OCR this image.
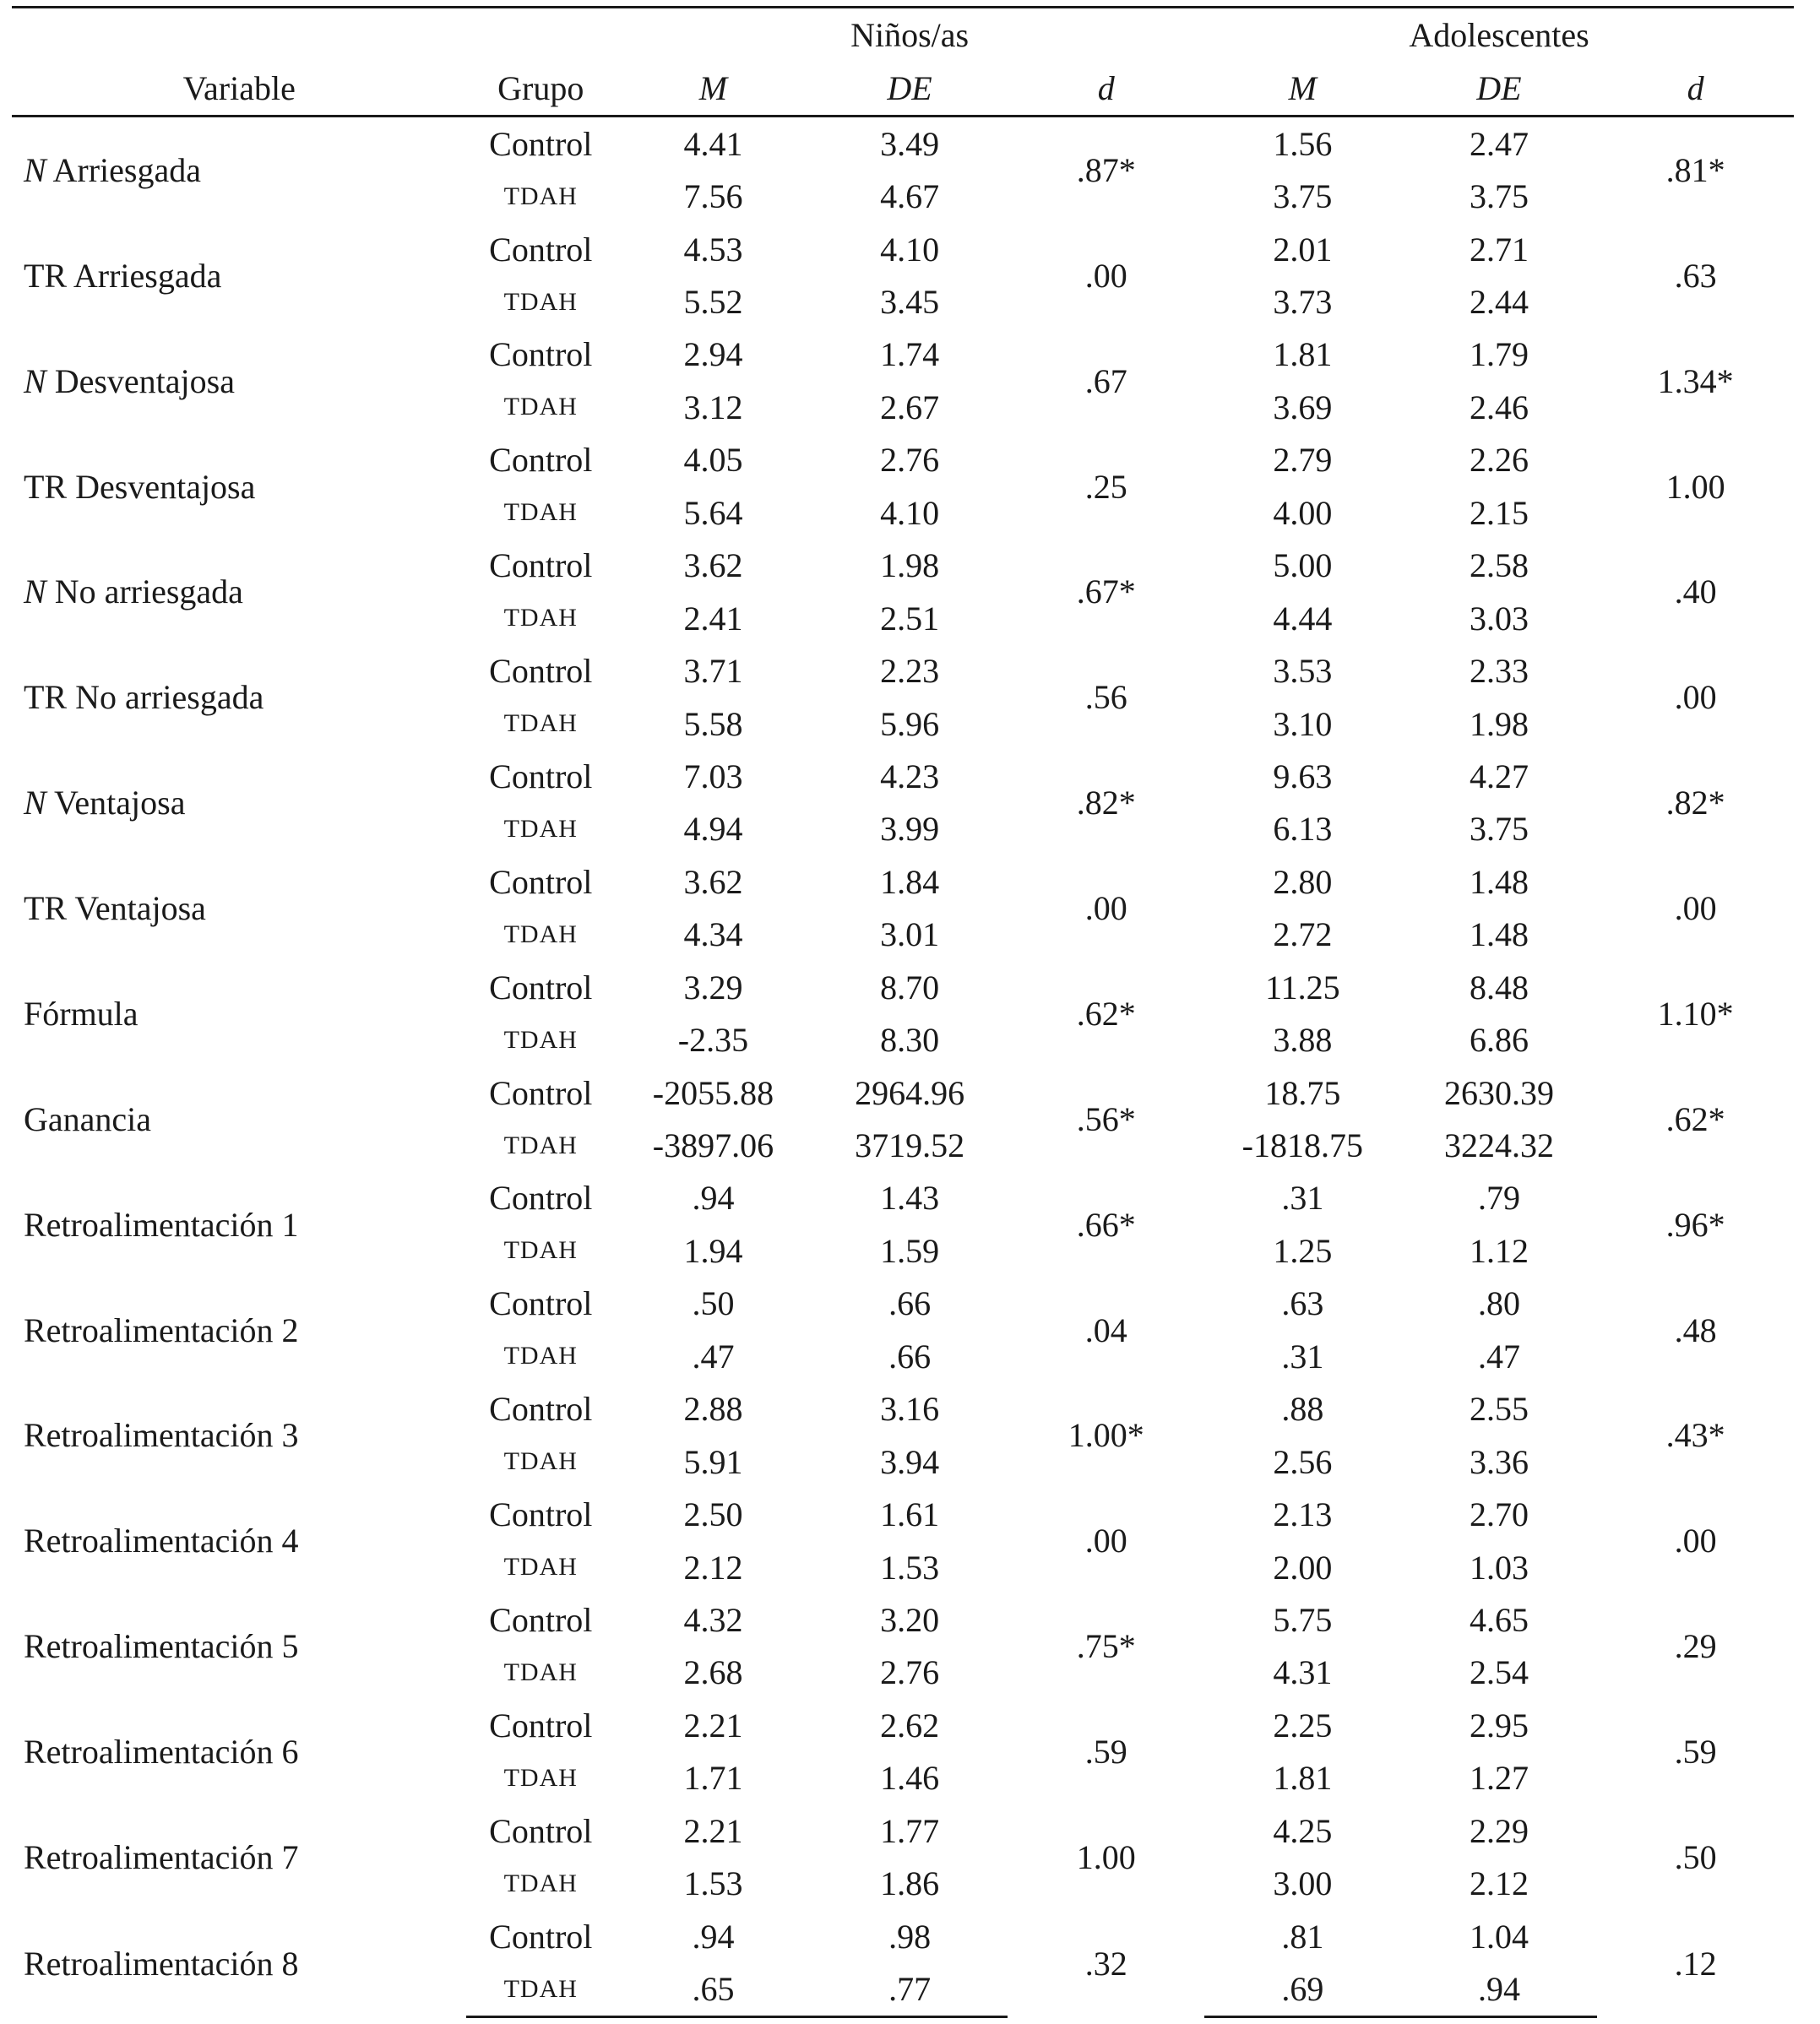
		Niños/as			Adolescentes		
Variable	Grupo	M	DE	d	M	DE	d
N Arriesgada	Control	4.41	3.49	.87*	1.56	2.47	.81*
	TDAH	7.56	4.67		3.75	3.75	
TR Arriesgada	Control	4.53	4.10	.00	2.01	2.71	.63
	TDAH	5.52	3.45		3.73	2.44	
N Desventajosa	Control	2.94	1.74	.67	1.81	1.79	1.34*
	TDAH	3.12	2.67		3.69	2.46	
TR Desventajosa	Control	4.05	2.76	.25	2.79	2.26	1.00
	TDAH	5.64	4.10		4.00	2.15	
N No arriesgada	Control	3.62	1.98	.67*	5.00	2.58	.40
	TDAH	2.41	2.51		4.44	3.03	
TR No arriesgada	Control	3.71	2.23	.56	3.53	2.33	.00
	TDAH	5.58	5.96		3.10	1.98	
N Ventajosa	Control	7.03	4.23	.82*	9.63	4.27	.82*
	TDAH	4.94	3.99		6.13	3.75	
TR Ventajosa	Control	3.62	1.84	.00	2.80	1.48	.00
	TDAH	4.34	3.01		2.72	1.48	
Fórmula	Control	3.29	8.70	.62*	11.25	8.48	1.10*
	TDAH	-2.35	8.30		3.88	6.86	
Ganancia	Control	-2055.88	2964.96	.56*	18.75	2630.39	.62*
	TDAH	-3897.06	3719.52		-1818.75	3224.32	
Retroalimentación 1	Control	.94	1.43	.66*	.31	.79	.96*
	TDAH	1.94	1.59		1.25	1.12	
Retroalimentación 2	Control	.50	.66	.04	.63	.80	.48
	TDAH	.47	.66		.31	.47	
Retroalimentación 3	Control	2.88	3.16	1.00*	.88	2.55	.43*
	TDAH	5.91	3.94		2.56	3.36	
Retroalimentación 4	Control	2.50	1.61	.00	2.13	2.70	.00
	TDAH	2.12	1.53		2.00	1.03	
Retroalimentación 5	Control	4.32	3.20	.75*	5.75	4.65	.29
	TDAH	2.68	2.76		4.31	2.54	
Retroalimentación 6	Control	2.21	2.62	.59	2.25	2.95	.59
	TDAH	1.71	1.46		1.81	1.27	
Retroalimentación 7	Control	2.21	1.77	1.00	4.25	2.29	.50
	TDAH	1.53	1.86		3.00	2.12	
Retroalimentación 8	Control	.94	.98	.32	.81	1.04	.12
	TDAH	.65	.77		.69	.94	
